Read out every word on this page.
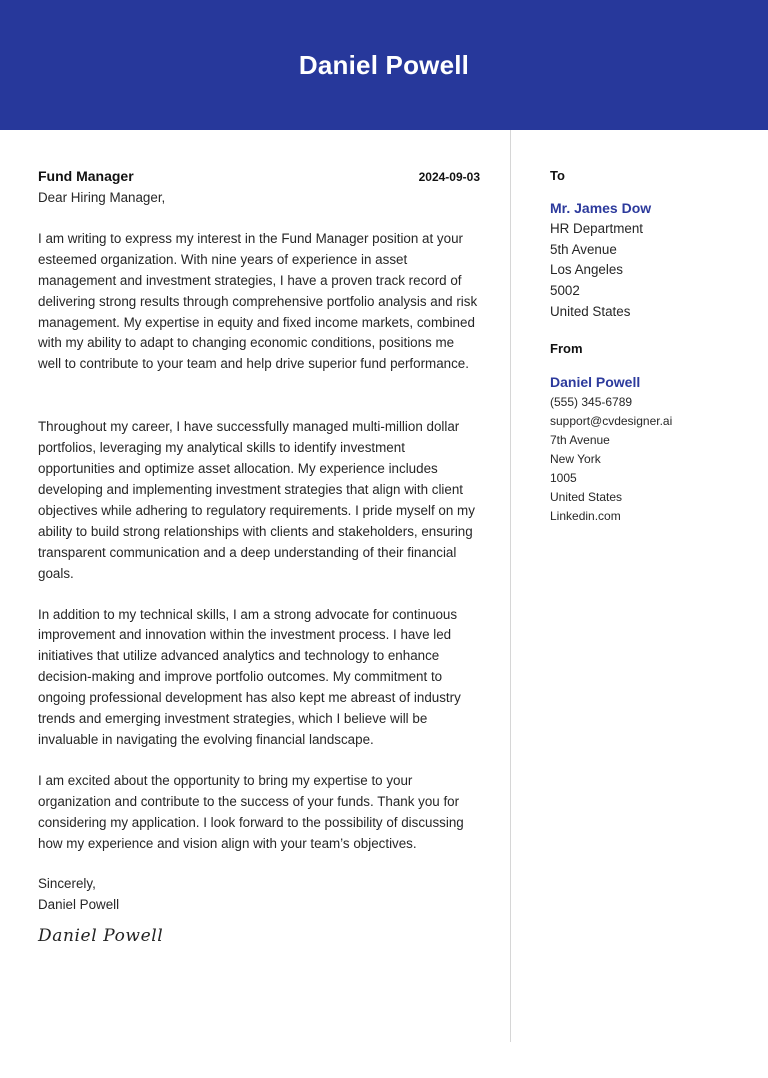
Daniel Powell
Fund Manager	2024-09-03

Dear Hiring Manager,

I am writing to express my interest in the Fund Manager position at your esteemed organization. With nine years of experience in asset management and investment strategies, I have a proven track record of delivering strong results through comprehensive portfolio analysis and risk management. My expertise in equity and fixed income markets, combined with my ability to adapt to changing economic conditions, positions me well to contribute to your team and help drive superior fund performance.

Throughout my career, I have successfully managed multi-million dollar portfolios, leveraging my analytical skills to identify investment opportunities and optimize asset allocation. My experience includes developing and implementing investment strategies that align with client objectives while adhering to regulatory requirements. I pride myself on my ability to build strong relationships with clients and stakeholders, ensuring transparent communication and a deep understanding of their financial goals.

In addition to my technical skills, I am a strong advocate for continuous improvement and innovation within the investment process. I have led initiatives that utilize advanced analytics and technology to enhance decision-making and improve portfolio outcomes. My commitment to ongoing professional development has also kept me abreast of industry trends and emerging investment strategies, which I believe will be invaluable in navigating the evolving financial landscape.

I am excited about the opportunity to bring my expertise to your organization and contribute to the success of your funds. Thank you for considering my application. I look forward to the possibility of discussing how my experience and vision align with your team’s objectives.

Sincerely,
Daniel Powell
Daniel Powell
To
Mr. James Dow
HR Department
5th Avenue
Los Angeles
5002
United States
From
Daniel Powell
(555) 345-6789
support@cvdesigner.ai
7th Avenue
New York
1005
United States
Linkedin.com
